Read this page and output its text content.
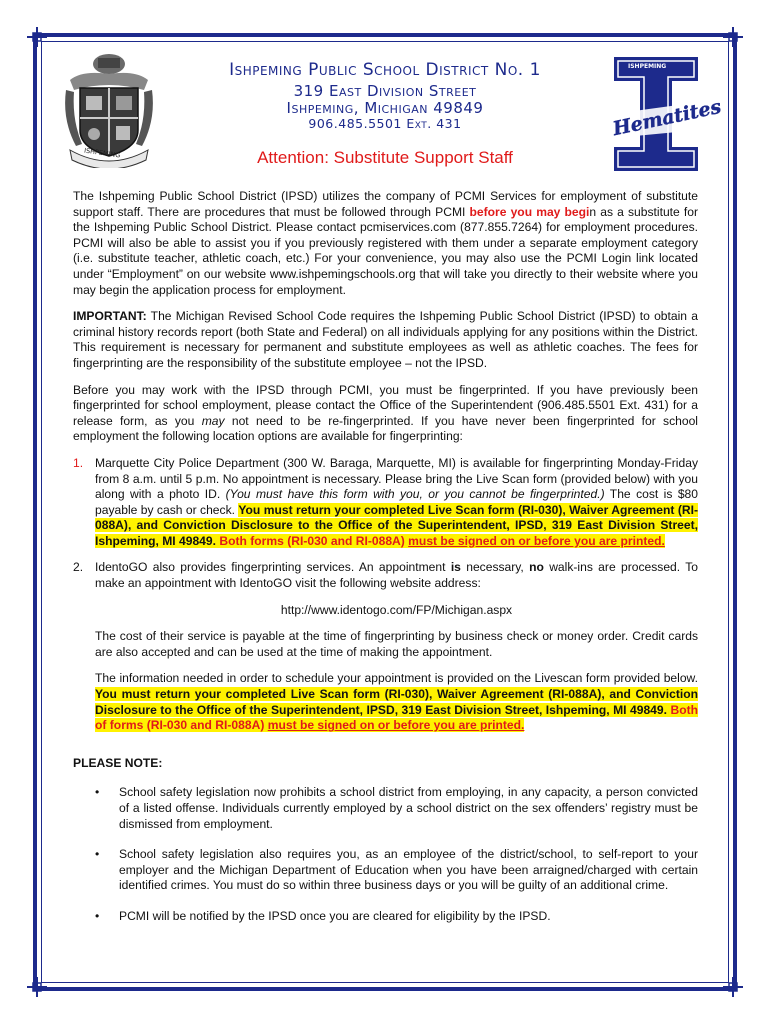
ISHPEMING
ISHPEMING
Hematites
Ishpeming Public School District No. 1
319 East Division Street
Ishpeming, Michigan 49849
906.485.5501 Ext. 431
Attention: Substitute Support Staff

The Ishpeming Public School District (IPSD) utilizes the company of PCMI Services for employment of substitute support staff. There are procedures that must be followed through PCMI before you may begin as a substitute for the Ishpeming Public School District. Please contact pcmiservices.com (877.855.7264) for employment procedures. PCMI will also be able to assist you if you previously registered with them under a separate employment category (i.e. substitute teacher, athletic coach, etc.) For your convenience, you may also use the PCMI Login link located under “Employment” on our website www.ishpemingschools.org that will take you directly to their website where you may begin the application process for employment.

IMPORTANT: The Michigan Revised School Code requires the Ishpeming Public School District (IPSD) to obtain a criminal history records report (both State and Federal) on all individuals applying for any positions within the District. This requirement is necessary for permanent and substitute employees as well as athletic coaches. The fees for fingerprinting are the responsibility of the substitute employee – not the IPSD.

Before you may work with the IPSD through PCMI, you must be fingerprinted. If you have previously been fingerprinted for school employment, please contact the Office of the Superintendent (906.485.5501 Ext. 431) for a release form, as you may not need to be re-fingerprinted. If you have never been fingerprinted for school employment the following location options are available for fingerprinting:

1. Marquette City Police Department (300 W. Baraga, Marquette, MI) is available for fingerprinting Monday-Friday from 8 a.m. until 5 p.m. No appointment is necessary. Please bring the Live Scan form (provided below) with you along with a photo ID. (You must have this form with you, or you cannot be fingerprinted.) The cost is $80 payable by cash or check. You must return your completed Live Scan form (RI-030), Waiver Agreement (RI-088A), and Conviction Disclosure to the Office of the Superintendent, IPSD, 319 East Division Street, Ishpeming, MI 49849. Both forms (RI-030 and RI-088A) must be signed on or before you are printed.
2. IdentoGO also provides fingerprinting services. An appointment is necessary, no walk-ins are processed. To make an appointment with IdentoGO visit the following website address:
http://www.identogo.com/FP/Michigan.aspx
The cost of their service is payable at the time of fingerprinting by business check or money order. Credit cards are also accepted and can be used at the time of making the appointment.
The information needed in order to schedule your appointment is provided on the Livescan form provided below. You must return your completed Live Scan form (RI-030), Waiver Agreement (RI-088A), and Conviction Disclosure to the Office of the Superintendent, IPSD, 319 East Division Street, Ishpeming, MI 49849. Both of forms (RI-030 and RI-088A) must be signed on or before you are printed.
PLEASE NOTE:
• School safety legislation now prohibits a school district from employing, in any capacity, a person convicted of a listed offense. Individuals currently employed by a school district on the sex offenders’ registry must be dismissed from employment.
• School safety legislation also requires you, as an employee of the district/school, to self-report to your employer and the Michigan Department of Education when you have been arraigned/charged with certain identified crimes. You must do so within three business days or you will be guilty of an additional crime.
• PCMI will be notified by the IPSD once you are cleared for eligibility by the IPSD.
